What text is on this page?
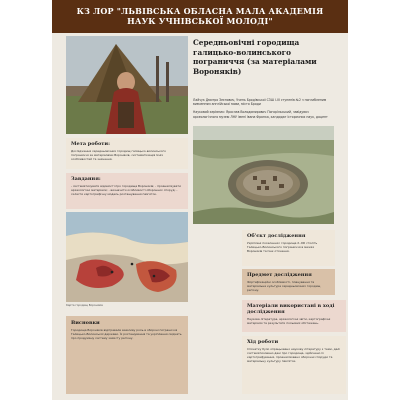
КЗ ЛОР "ЛЬВІВСЬКА ОБЛАСНА МАЛА АКАДЕМІЯ
НАУК УЧНІВСЬКОЇ МОЛОДІ"
Середньовічні городища галицько-волинського пограниччя (за матеріалами Вороняків)

Лайчук Дмитро Зеєнович, Учень Бродівської СЗШ І-ІІІ ступенів №2 з поглибленим вивченням англійської мови, місто Броди

Науковий керівник: Ярослав Володимирович Погорільський, завідувач археологічного музею ЛНУ імені Івана Франка, кандидат історичних наук, доцент

Мета роботи:
Дослідження середньовічних городищ галицько-волинського пограниччя за матеріалами Вороняків, систематизація їхніх особливостей та значення.
Завдання:
- систематизувати відомості про городища Вороняків; - проаналізувати археологічні матеріали; - визначити особливості оборонних споруд; - скласти картографічну модель розташування пам'яток.
Карта городищ Вороняків
Висновки
Городища Вороняків відігравали важливу роль в обороні пограниччя Галицько-Волинської держави. Їх розташування та укріплення свідчать про продуману систему захисту регіону.
Об'єкт дослідження
Укріплені поселення і городища X–XIII століть Галицько-Волинського пограниччя в межах Вороняків та їхнє оточення.
Предмет дослідження
Фортифікаційні особливості, планування та матеріальна культура середньовічних городищ регіону.
Матеріали використані в ході дослідження
Наукова література, археологічні звіти, картографічні матеріали та результати польових обстежень.
Хід роботи
Спочатку було опрацьовано наукову літературу з теми, далі систематизовано дані про городища, здійснено їх картографування, проаналізовано оборонні споруди та матеріальну культуру пам'яток.
